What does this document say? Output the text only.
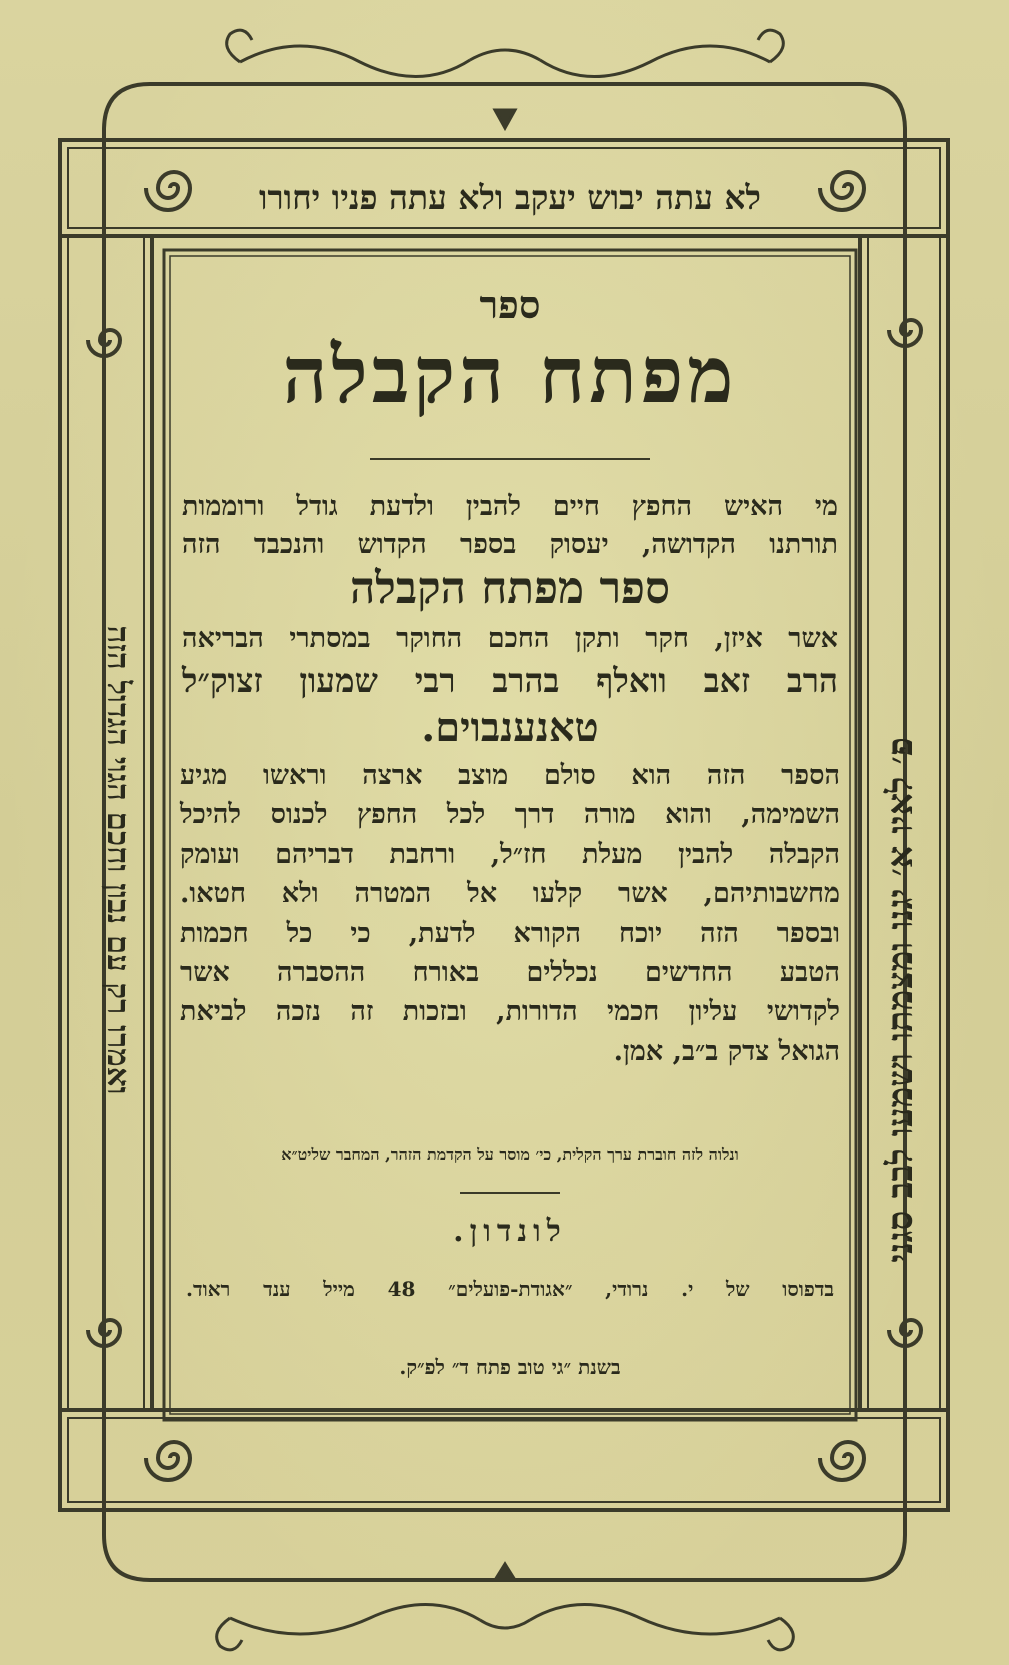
לא עתה יבוש יעקב ולא עתה פניו יחורו
פ׳ לאיו א׳ יגנו ומצמתו ושמעו לבב סגני
ואמרו רק עם נבון וחכם הגוי הגדול הזה
ספר
מפתח הקבלה
מי האיש החפץ חיים להבין ולדעת גודל ורוממות
תורתנו הקדושה, יעסוק בספר הקדוש והנכבד הזה
ספר מפתח הקבלה
אשר איזן, חקר ותקן החכם החוקר במסתרי הבריאה
הרב זאב וואלף בהרב רבי שמעון זצוק״ל
טאנענבוים.
הספר הזה הוא סולם מוצב ארצה וראשו מגיע
השמימה, והוא מורה דרך לכל החפץ לכנוס להיכל
הקבלה להבין מעלת חז״ל, ורחבת דבריהם ועומק
מחשבותיהם, אשר קלעו אל המטרה ולא חטאו.
ובספר הזה יוכח הקורא לדעת, כי כל חכמות
הטבע החדשים נכללים באורח ההסברה אשר
לקדושי עליון חכמי הדורות, ובזכות זה נזכה לביאת
הגואל צדק ב״ב, אמן.
ונלוה לזה חוברת ערך הקלית, כי׳ מוסר על הקדמת הזהר, המחבר שליט״א
לונדון.
בדפוסו של י. נרודי, ״אגודת-פועלים״ 48 מייל ענד ראוד.
בשנת ״גי טוב פתח ד״ לפ״ק.
